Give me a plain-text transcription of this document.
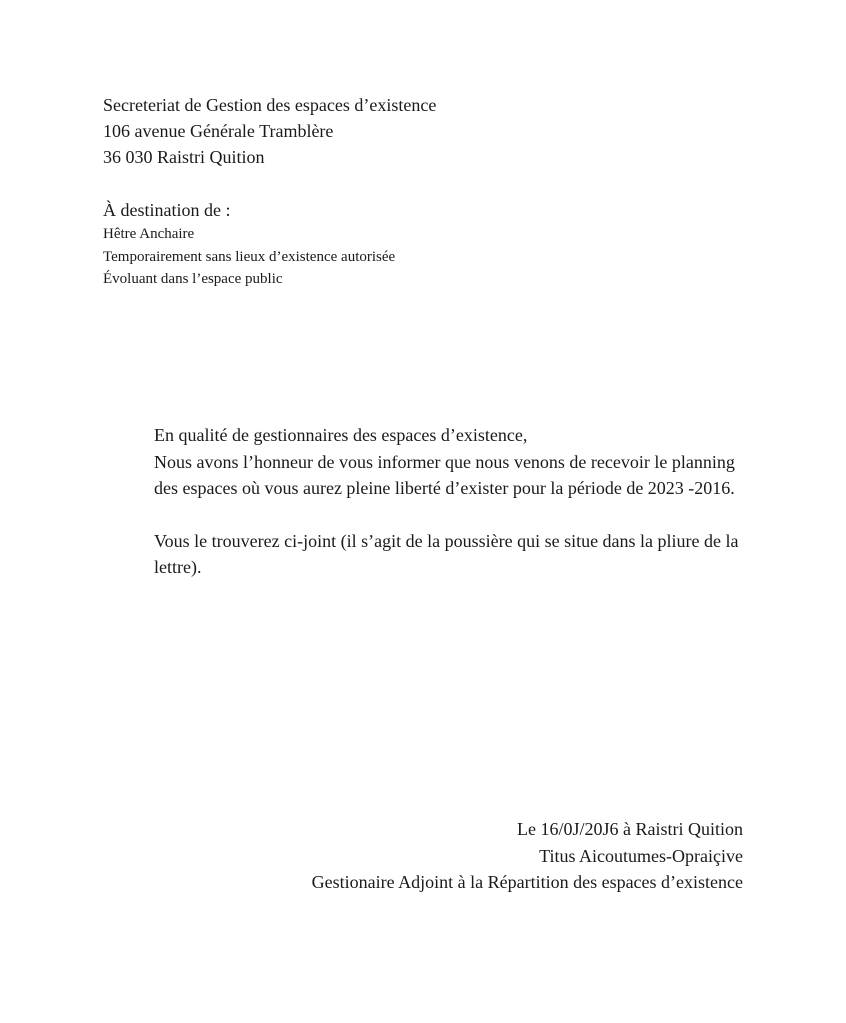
Secreteriat de Gestion des espaces d’existence
106 avenue Générale Tramblère
36 030 Raistri Quition
À destination de :
Hêtre Anchaire
Temporairement sans lieux d’existence autorisée
Évoluant dans l’espace public

En qualité de gestionnaires des espaces d’existence,
Nous avons l’honneur de vous informer que nous venons de recevoir le planning des espaces où vous aurez pleine liberté d’exister pour la période de 2023 -2016.

Vous le trouverez ci-joint (il s’agit de la poussière qui se situe dans la pliure de la lettre).

Le 16/0J/20J6 à Raistri Quition
Titus Aicoutumes-Opraiçive
Gestionaire Adjoint à la Répartition des espaces d’existence
